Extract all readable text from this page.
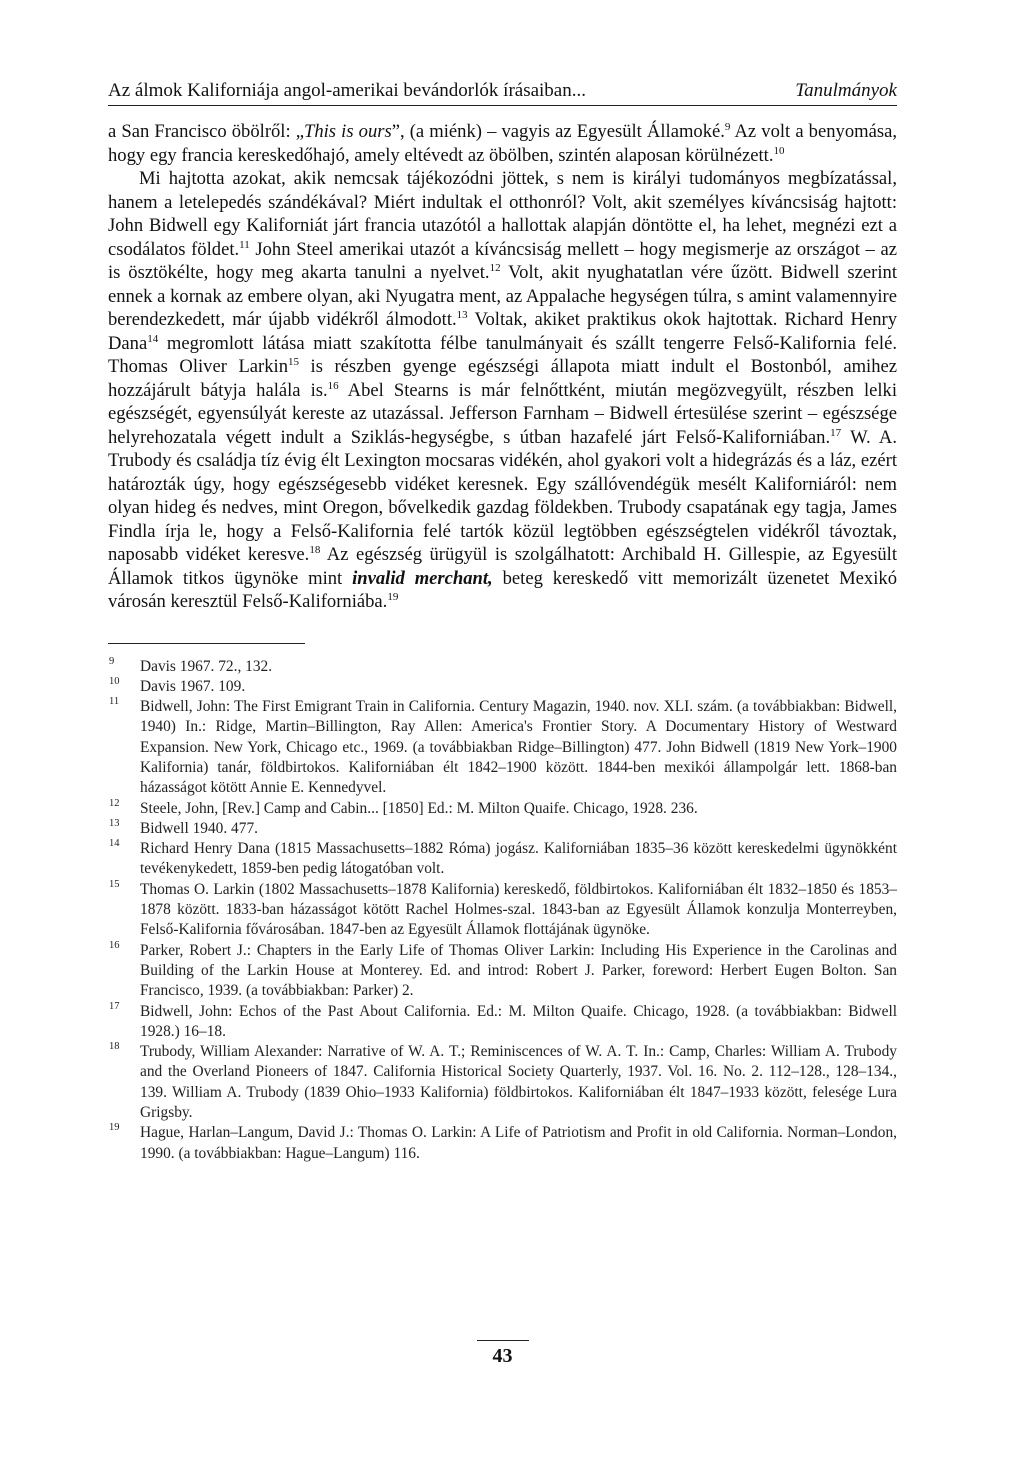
Az álmok Kaliforniája angol-amerikai bevándorlók írásaiban...	Tanulmányok

a San Francisco öbölről: „This is ours”, (a miénk) – vagyis az Egyesült Államoké.$^9$ Az volt a benyomása, hogy egy francia kereskedőhajó, amely eltévedt az öbölben, szintén alaposan körülnézett.$^{10}$

Mi hajtotta azokat, akik nemcsak tájékozódni jöttek, s nem is királyi tudományos megbízatással, hanem a letelepedés szándékával? Miért indultak el otthonról? Volt, akit személyes kíváncsiság hajtott: John Bidwell egy Kaliforniát járt francia utazótól a hallottak alapján döntötte el, ha lehet, megnézi ezt a csodálatos földet.$^{11}$ John Steel amerikai utazót a kíváncsiság mellett – hogy megismerje az országot – az is ösztökélte, hogy meg akarta tanulni a nyelvet.$^{12}$ Volt, akit nyughatatlan vére űzött. Bidwell szerint ennek a kornak az embere olyan, aki Nyugatra ment, az Appalache hegységen túlra, s amint valamennyire berendezkedett, már újabb vidékről álmodott.$^{13}$ Voltak, akiket praktikus okok hajtottak. Richard Henry Dana$^{14}$ megromlott látása miatt szakította félbe tanulmányait és szállt tengerre Felső-Kalifornia felé. Thomas Oliver Larkin$^{15}$ is részben gyenge egészségi állapota miatt indult el Bostonból, amihez hozzájárult bátyja halála is.$^{16}$ Abel Stearns is már felnőttként, miután megözvegyült, részben lelki egészségét, egyensúlyát kereste az utazással. Jefferson Farnham – Bidwell értesülése szerint – egészsége helyrehozatala végett indult a Sziklás-hegységbe, s útban hazafelé járt Felső-Kaliforniában.$^{17}$ W. A. Trubody és családja tíz évig élt Lexington mocsaras vidékén, ahol gyakori volt a hidegrázás és a láz, ezért határozták úgy, hogy egészségesebb vidéket keresnek. Egy szállóvendégük mesélt Kaliforniáról: nem olyan hideg és nedves, mint Oregon, bővelkedik gazdag földekben. Trubody csapatának egy tagja, James Findla írja le, hogy a Felső-Kalifornia felé tartók közül legtöbben egészségtelen vidékről távoztak, naposabb vidéket keresve.$^{18}$ Az egészség ürügyül is szolgálhatott: Archibald H. Gillespie, az Egyesült Államok titkos ügynöke mint invalid merchant, beteg kereskedő vitt memorizált üzenetet Mexikó városán keresztül Felső-Kaliforniába.$^{19}$

9 Davis 1967. 72., 132.
10 Davis 1967. 109.
11 Bidwell, John: The First Emigrant Train in California. Century Magazin, 1940. nov. XLI. szám. (a továbbiakban: Bidwell, 1940) In.: Ridge, Martin–Billington, Ray Allen: America's Frontier Story. A Documentary History of Westward Expansion. New York, Chicago etc., 1969. (a továbbiakban Ridge–Billington) 477. John Bidwell (1819 New York–1900 Kalifornia) tanár, földbirtokos. Kaliforniában élt 1842–1900 között. 1844-ben mexikói állampolgár lett. 1868-ban házasságot kötött Annie E. Kennedyvel.
12 Steele, John, [Rev.] Camp and Cabin... [1850] Ed.: M. Milton Quaife. Chicago, 1928. 236.
13 Bidwell 1940. 477.
14 Richard Henry Dana (1815 Massachusetts–1882 Róma) jogász. Kaliforniában 1835–36 között kereskedelmi ügynökként tevékenykedett, 1859-ben pedig látogatóban volt.
15 Thomas O. Larkin (1802 Massachusetts–1878 Kalifornia) kereskedő, földbirtokos. Kaliforniában élt 1832–1850 és 1853–1878 között. 1833-ban házasságot kötött Rachel Holmes-szal. 1843-ban az Egyesült Államok konzulja Monterreyben, Felső-Kalifornia fővárosában. 1847-ben az Egyesült Államok flottájának ügynöke.
16 Parker, Robert J.: Chapters in the Early Life of Thomas Oliver Larkin: Including His Experience in the Carolinas and Building of the Larkin House at Monterey. Ed. and introd: Robert J. Parker, foreword: Herbert Eugen Bolton. San Francisco, 1939. (a továbbiakban: Parker) 2.
17 Bidwell, John: Echos of the Past About California. Ed.: M. Milton Quaife. Chicago, 1928. (a továbbiakban: Bidwell 1928.) 16–18.
18 Trubody, William Alexander: Narrative of W. A. T.; Reminiscences of W. A. T. In.: Camp, Charles: William A. Trubody and the Overland Pioneers of 1847. California Historical Society Quarterly, 1937. Vol. 16. No. 2. 112–128., 128–134., 139. William A. Trubody (1839 Ohio–1933 Kalifornia) földbirtokos. Kaliforniában élt 1847–1933 között, felesége Lura Grigsby.
19 Hague, Harlan–Langum, David J.: Thomas O. Larkin: A Life of Patriotism and Profit in old California. Norman–London, 1990. (a továbbiakban: Hague–Langum) 116.
43
